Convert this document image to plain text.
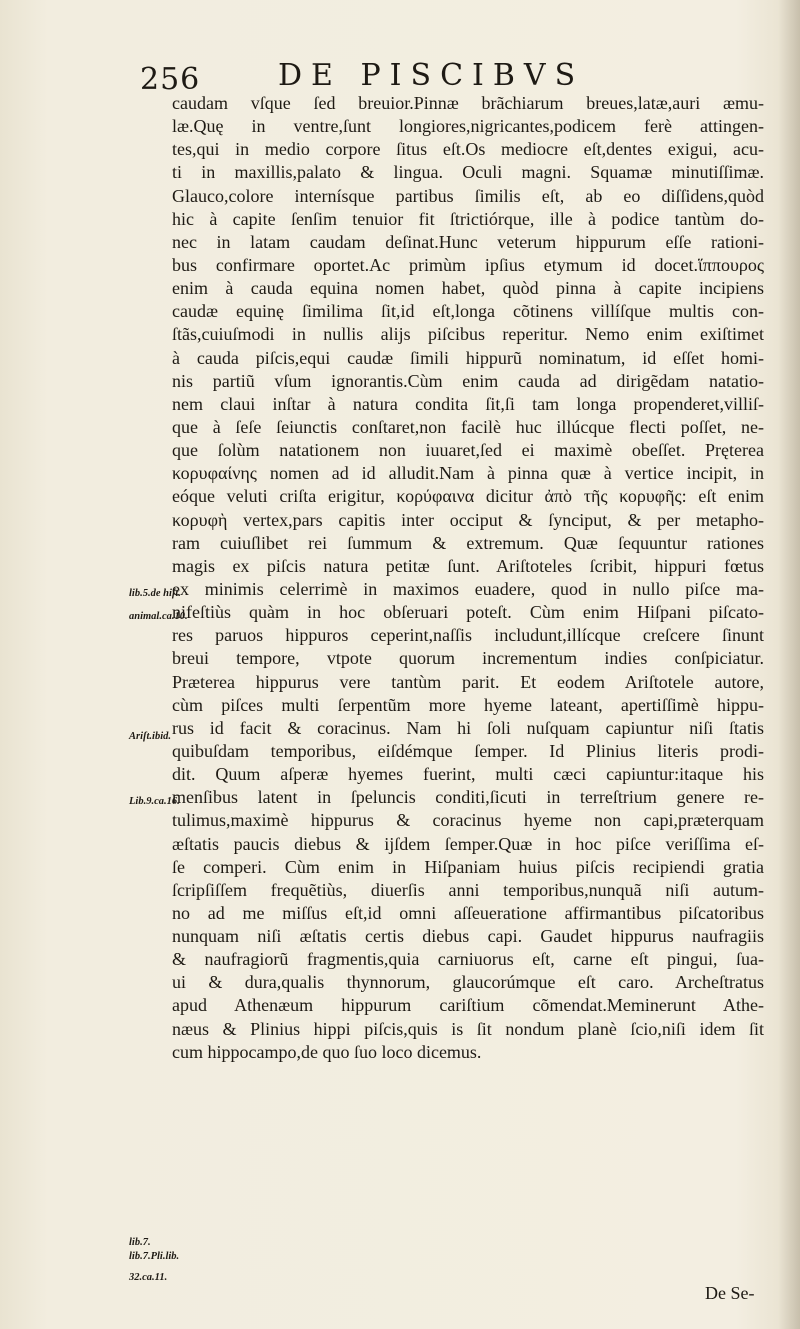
256	DE PISCIBVS
caudam vſque ſed breuior.Pinnæ brãchiarum breues,latæ,auri æmu-
læ.Quę in ventre,ſunt longiores,nigricantes,podicem ferè attingen-
tes,qui in medio corpore ſitus eſt.Os mediocre eſt,dentes exigui, acu-
ti in maxillis,palato & lingua. Oculi magni. Squamæ minutiſſimæ.
Glauco,colore internísque partibus ſimilis eſt, ab eo diſſidens,quòd
hic à capite ſenſim tenuior fit ſtrictiórque, ille à podice tantùm do-
nec in latam caudam deſinat.Hunc veterum hippurum eſſe rationi-
bus confirmare oportet.Ac primùm ipſius etymum id docet.ἵππουρος
enim à cauda equina nomen habet, quòd pinna à capite incipiens
caudæ equinę ſimilima ſit,id eſt,longa cõtinens villíſque multis con-
ſtãs,cuiuſmodi in nullis alijs piſcibus reperitur. Nemo enim exiſtimet
à cauda piſcis,equi caudæ ſimili hippurũ nominatum, id eſſet homi-
nis partiũ vſum ignorantis.Cùm enim cauda ad dirigẽdam natatio-
nem claui inſtar à natura condita ſit,ſi tam longa propenderet,villiſ-
que à ſeſe ſeiunctis conſtaret,non facilè huc illúcque flecti poſſet, ne-
que ſolùm natationem non iuuaret,ſed ei maximè obeſſet. Pręterea
κορυφαίνης nomen ad id alludit.Nam à pinna quæ à vertice incipit, in
eóque veluti criſta erigitur, κορύφαινα dicitur ἀπὸ τῆς κορυφῆς: eſt enim
κορυφὴ vertex,pars capitis inter occiput & ſynciput, & per metapho-
ram cuiuſlibet rei ſummum & extremum. Quæ ſequuntur rationes
magis ex piſcis natura petitæ ſunt. Ariſtoteles ſcribit, hippuri fœtus
ex minimis celerrimè in maximos euadere, quod in nullo piſce ma-
nifeſtiùs quàm in hoc obſeruari poteſt. Cùm enim Hiſpani piſcato-
res paruos hippuros ceperint,naſſis includunt,illícque creſcere ſinunt
breui tempore, vtpote quorum incrementum indies conſpiciatur.
Præterea hippurus vere tantùm parit. Et eodem Ariſtotele autore,
cùm piſces multi ſerpentũm more hyeme lateant, apertiſſimè hippu-
rus id facit & coracinus. Nam hi ſoli nuſquam capiuntur niſi ſtatis
quibuſdam temporibus, eiſdémque ſemper. Id Plinius literis prodi-
dit. Quum aſperæ hyemes fuerint, multi cæci capiuntur:itaque his
menſibus latent in ſpeluncis conditi,ſicuti in terreſtrium genere re-
tulimus,maximè hippurus & coracinus hyeme non capi,præterquam
æſtatis paucis diebus & ijſdem ſemper.Quæ in hoc piſce veriſſima eſ-
ſe comperi. Cùm enim in Hiſpaniam huius piſcis recipiendi gratia
ſcripſiſſem frequẽtiùs, diuerſis anni temporibus,nunquã niſi autum-
no ad me miſſus eſt,id omni aſſeueratione affirmantibus piſcatoribus
nunquam niſi æſtatis certis diebus capi. Gaudet hippurus naufragiis
& naufragiorũ fragmentis,quia carniuorus eſt, carne eſt pingui, ſua-
ui & dura,qualis thynnorum, glaucorúmque eſt caro. Archeſtratus
apud Athenæum hippurum cariſtium cõmendat.Meminerunt Athe-
næus & Plinius hippi piſcis,quis is ſit nondum planè ſcio,niſi idem ſit
cum hippocampo,de quo ſuo loco dicemus.
De Se-
lib.5.de hiſt.
animal.ca.10.
Ariſt.ibid.
Lib.9.ca.16.
lib.7.
lib.7.Pli.lib.
32.ca.11.
